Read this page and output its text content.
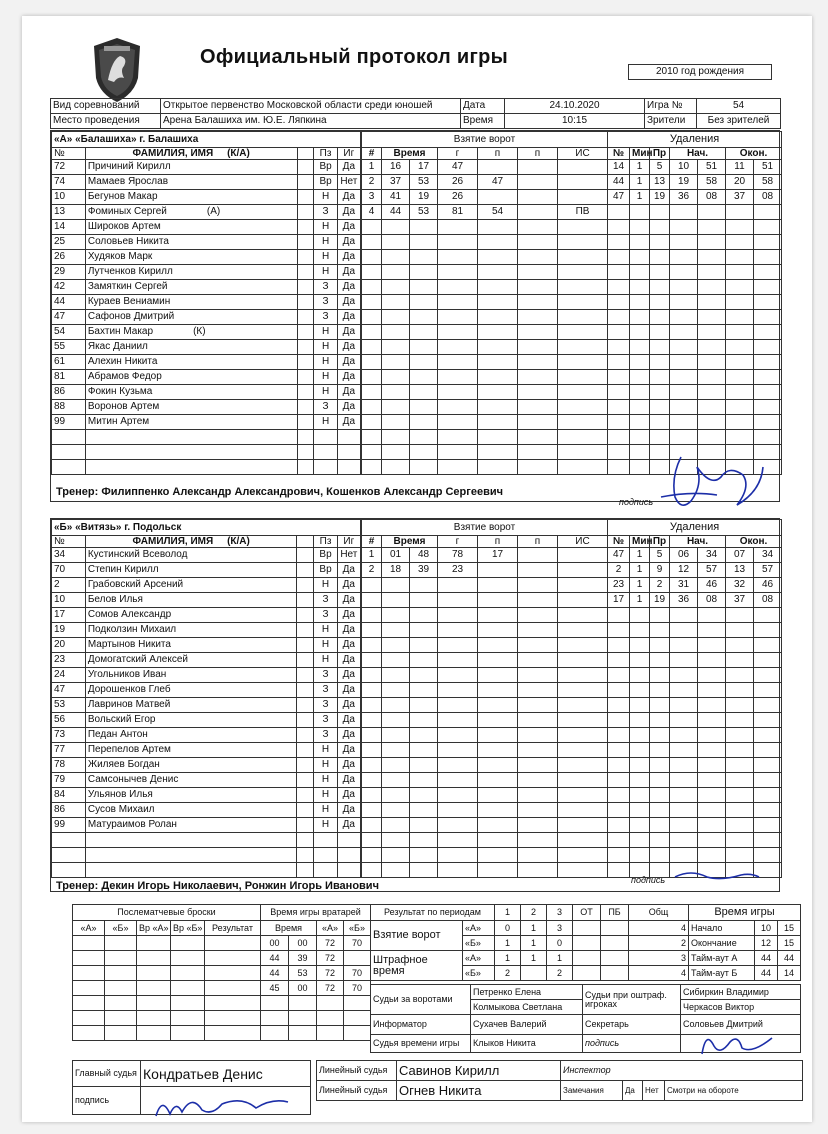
Официальный протокол игры
2010 год рождения
Вид соревнований	Открытое первенство Московской области среди юношей	Дата	24.10.2020	Игра №	54
Место проведения	Арена Балашиха им. Ю.Е. Ляпкина	Время	10:15	Зрители	Без зрителей
«А» «Балашиха» г. Балашиха				
№	ФАМИЛИЯ, ИМЯ (К/А)		Пз	Иг
72	Причиний Кирилл		Вр	Да
74	Мамаев Ярослав		Вр	Нет
10	Бегунов Макар		Н	Да
13	Фоминых Сергей (А)		З	Да
14	Широков Артем		Н	Да
25	Соловьев Никита		Н	Да
26	Худяков Марк		Н	Да
29	Лутченков Кирилл		Н	Да
42	Замяткин Сергей		З	Да
44	Кураев Вениамин		З	Да
47	Сафонов Дмитрий		З	Да
54	Бахтин Макар (К)		Н	Да
55	Якас Даниил		Н	Да
61	Алехин Никита		Н	Да
81	Абрамов Федор		Н	Да
86	Фокин Кузьма		Н	Да
88	Воронов Артем		З	Да
99	Митин Артем		Н	Да

Взятие ворот						
#	Время		г	п	п	ИС
1	16	17	47			
2	37	53	26	47		
3	41	19	26			
4	44	53	81	54		ПВ

Удаления						
№	Мин	Пр	Нач.		Окон.	
14	1	5	10	51	11	51
44	1	13	19	58	20	58
47	1	19	36	08	37	08

подпись
Тренер: Филиппенко Александр Александрович, Кошенков Александр Сергеевич
«Б» «Витязь» г. Подольск				
№	ФАМИЛИЯ, ИМЯ (К/А)		Пз	Иг
34	Кустинский Всеволод		Вр	Нет
70	Степин Кирилл		Вр	Да
2	Грабовский Арсений		Н	Да
10	Белов Илья		З	Да
17	Сомов Александр		З	Да
19	Подколзин Михаил		Н	Да
20	Мартынов Никита		Н	Да
23	Домогатский Алексей		Н	Да
24	Угольников Иван		З	Да
47	Дорошенков Глеб		З	Да
53	Лавринов Матвей		З	Да
56	Вольский Егор		З	Да
73	Педан Антон		З	Да
77	Перепелов Артем		Н	Да
78	Жиляев Богдан		Н	Да
79	Самсонычев Денис		Н	Да
84	Ульянов Илья		Н	Да
86	Сусов Михаил		Н	Да
99	Матураимов Ролан		Н	Да

Взятие ворот						
#	Время		г	п	п	ИС
1	01	48	78	17		
2	18	39	23			

Удаления						
№	Мин	Пр	Нач.		Окон.	
47	1	5	06	34	07	34
2	1	9	12	57	13	57
23	1	2	31	46	32	46
17	1	19	36	08	37	08

подпись
Тренер: Декин Игорь Николаевич, Ронжин Игорь Иванович
Послематчевые броски				
«А»	«Б»	Вр «А»	Вр «Б»	Результат

Время игры вратарей			
Время		«А»	«Б»
00	00	72	70
44	39	72	
44	53	72	70
45	00	72	70

Результат по периодам		1	2	3	ОТ	ПБ	Общ
Взятие ворот	«А»	0	1	3			4
	«Б»	1	1	0			2
Штрафное время	«А»	1	1	1			3
	«Б»	2		2			4
Время игры		
Начало	10	15
Окончание	12	15
Тайм-аут А	44	44
Тайм-аут Б	44	14
Судьи за воротами	Петренко Елена	Судьи при оштраф. игроках	Сибиркин Владимир
	Колмыкова Светлана		Черкасов Виктор
Информатор	Сухачев Валерий	Секретарь	Соловьев Дмитрий
Судья времени игры	Клыков Никита	подпись	
Главный судья	Кондратьев Денис
подпись	
Линейный судья	Савинов Кирилл
Линейный судья	Огнев Никита
Инспектор
Замечания	Да	Нет	Смотри на обороте
